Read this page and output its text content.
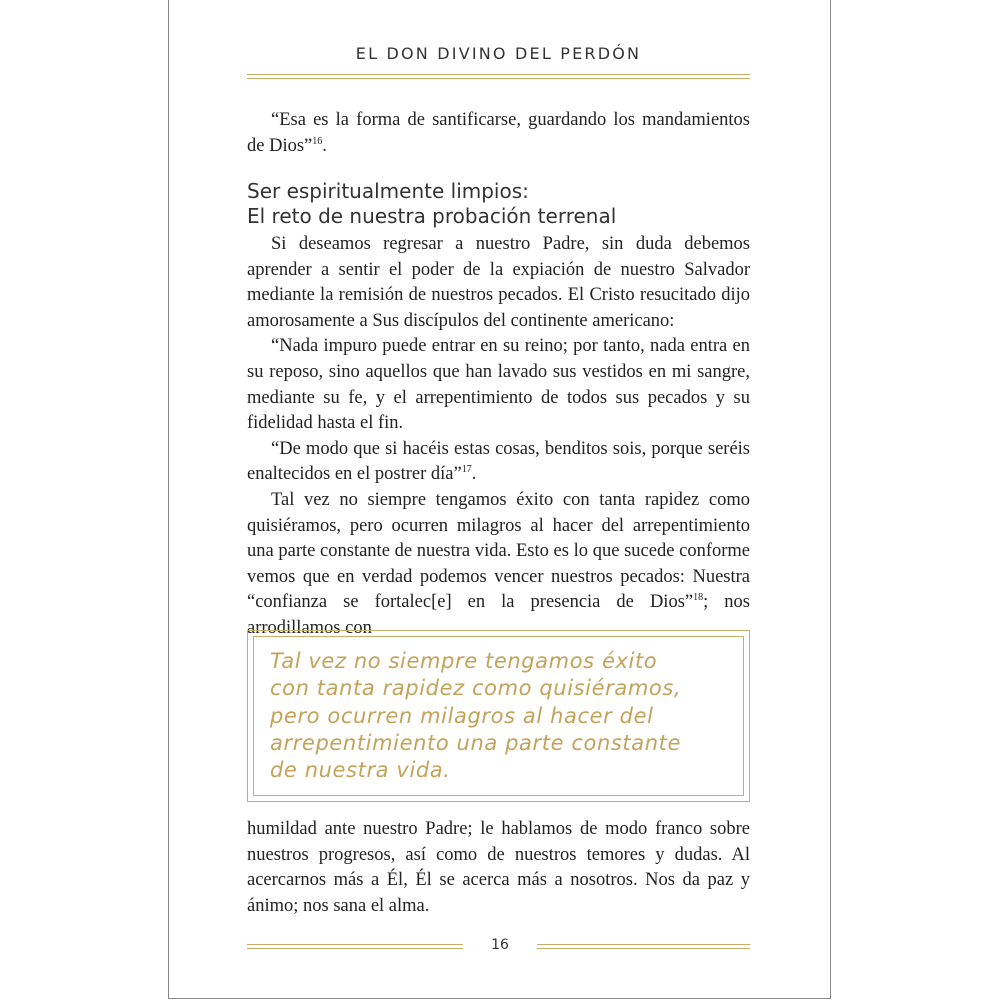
EL DON DIVINO DEL PERDÓN

“Esa es la forma de santificarse, guardando los mandamientos de Dios”$^{16}$.

Ser espiritualmente limpios:
El reto de nuestra probación terrenal

Si deseamos regresar a nuestro Padre, sin duda debemos aprender a sentir el poder de la expiación de nuestro Salvador mediante la remisión de nuestros pecados. El Cristo resucitado dijo amorosamente a Sus discípulos del continente americano:

“Nada impuro puede entrar en su reino; por tanto, nada entra en su reposo, sino aquellos que han lavado sus vestidos en mi sangre, mediante su fe, y el arrepentimiento de todos sus pecados y su fidelidad hasta el fin.

“De modo que si hacéis estas cosas, benditos sois, porque seréis enaltecidos en el postrer día”$^{17}$.

Tal vez no siempre tengamos éxito con tanta rapidez como quisiéramos, pero ocurren milagros al hacer del arrepentimiento una parte constante de nuestra vida. Esto es lo que sucede conforme vemos que en verdad podemos vencer nuestros pecados: Nuestra “confianza se fortalec[e] en la presencia de Dios”$^{18}$; nos arrodillamos con

Tal vez no siempre tengamos éxito
con tanta rapidez como quisiéramos,
pero ocurren milagros al hacer del
arrepentimiento una parte constante
de nuestra vida.

humildad ante nuestro Padre; le hablamos de modo franco sobre nuestros progresos, así como de nuestros temores y dudas. Al acercarnos más a Él, Él se acerca más a nosotros. Nos da paz y ánimo; nos sana el alma.

16
